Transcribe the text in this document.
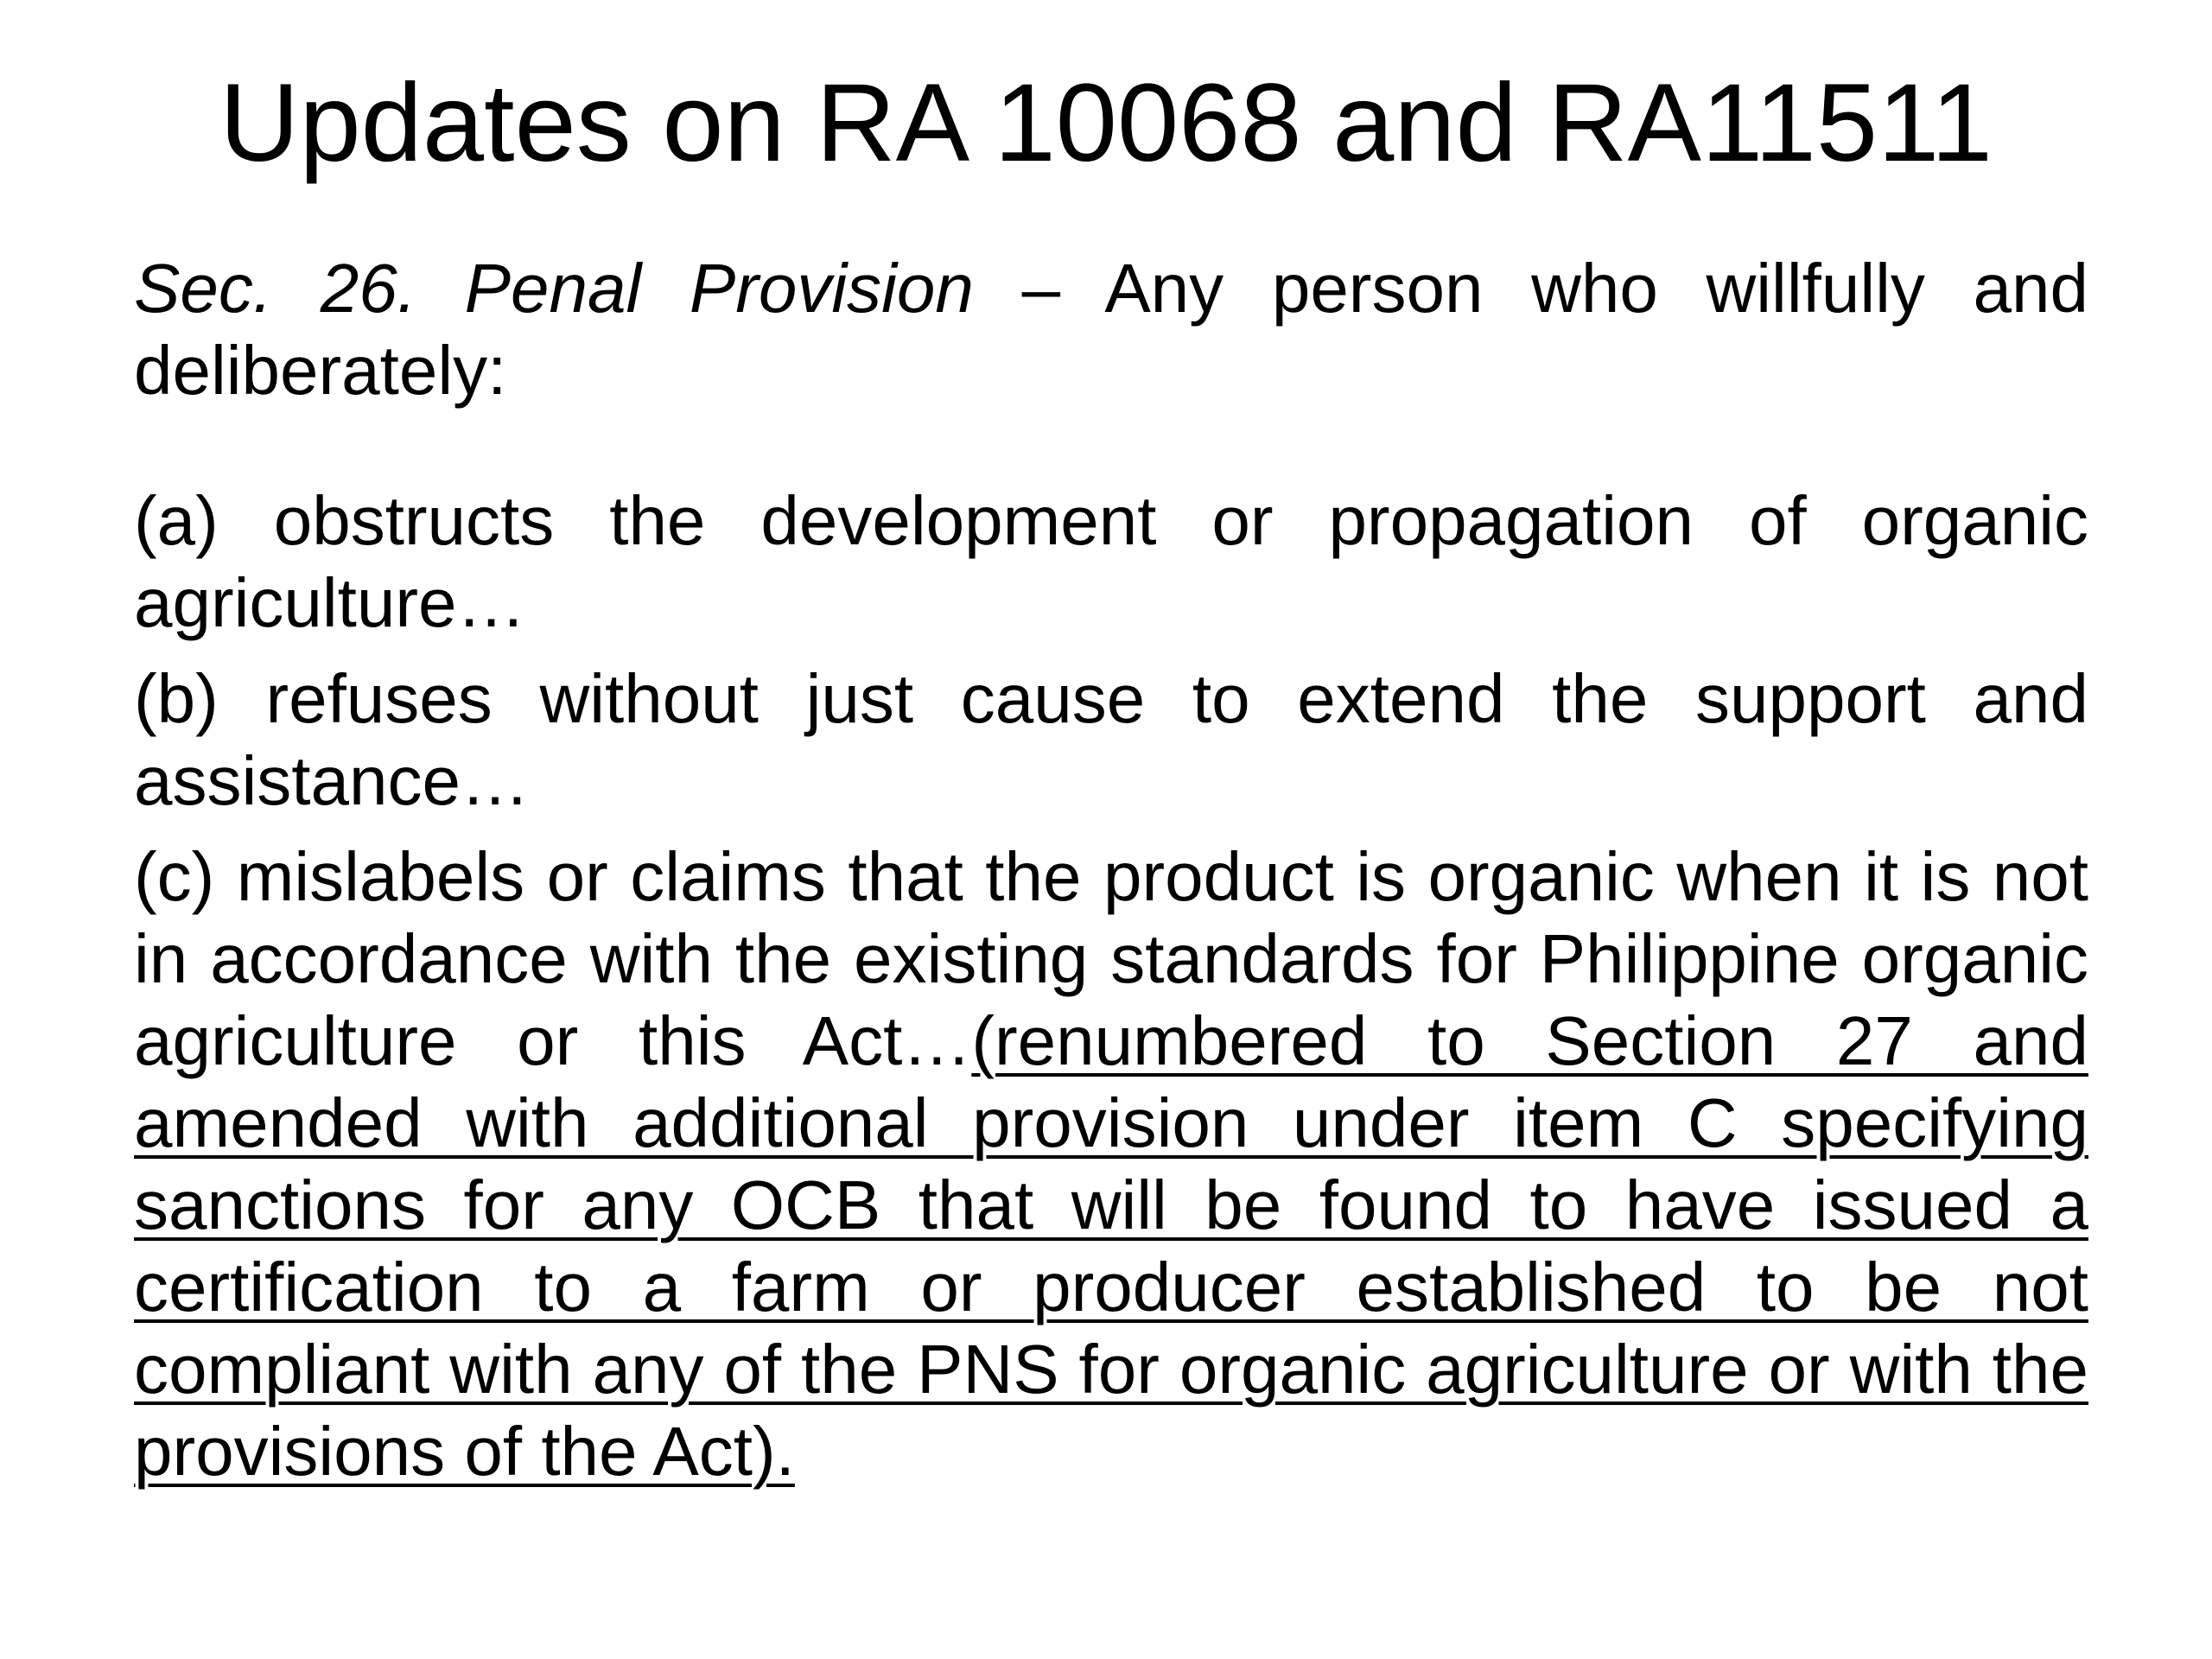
Updates on RA 10068 and RA11511

Sec. 26. Penal Provision – Any person who willfully and deliberately:

(a) obstructs the development or propagation of organic agriculture…

(b) refuses without just cause to extend the support and assistance…

(c) mislabels or claims that the product is organic when it is not in accordance with the existing standards for Philippine organic agriculture or this Act…(renumbered to Section 27 and amended with additional provision under item C specifying sanctions for any OCB that will be found to have issued a certification to a farm or producer established to be not compliant with any of the PNS for organic agriculture or with the provisions of the Act).
